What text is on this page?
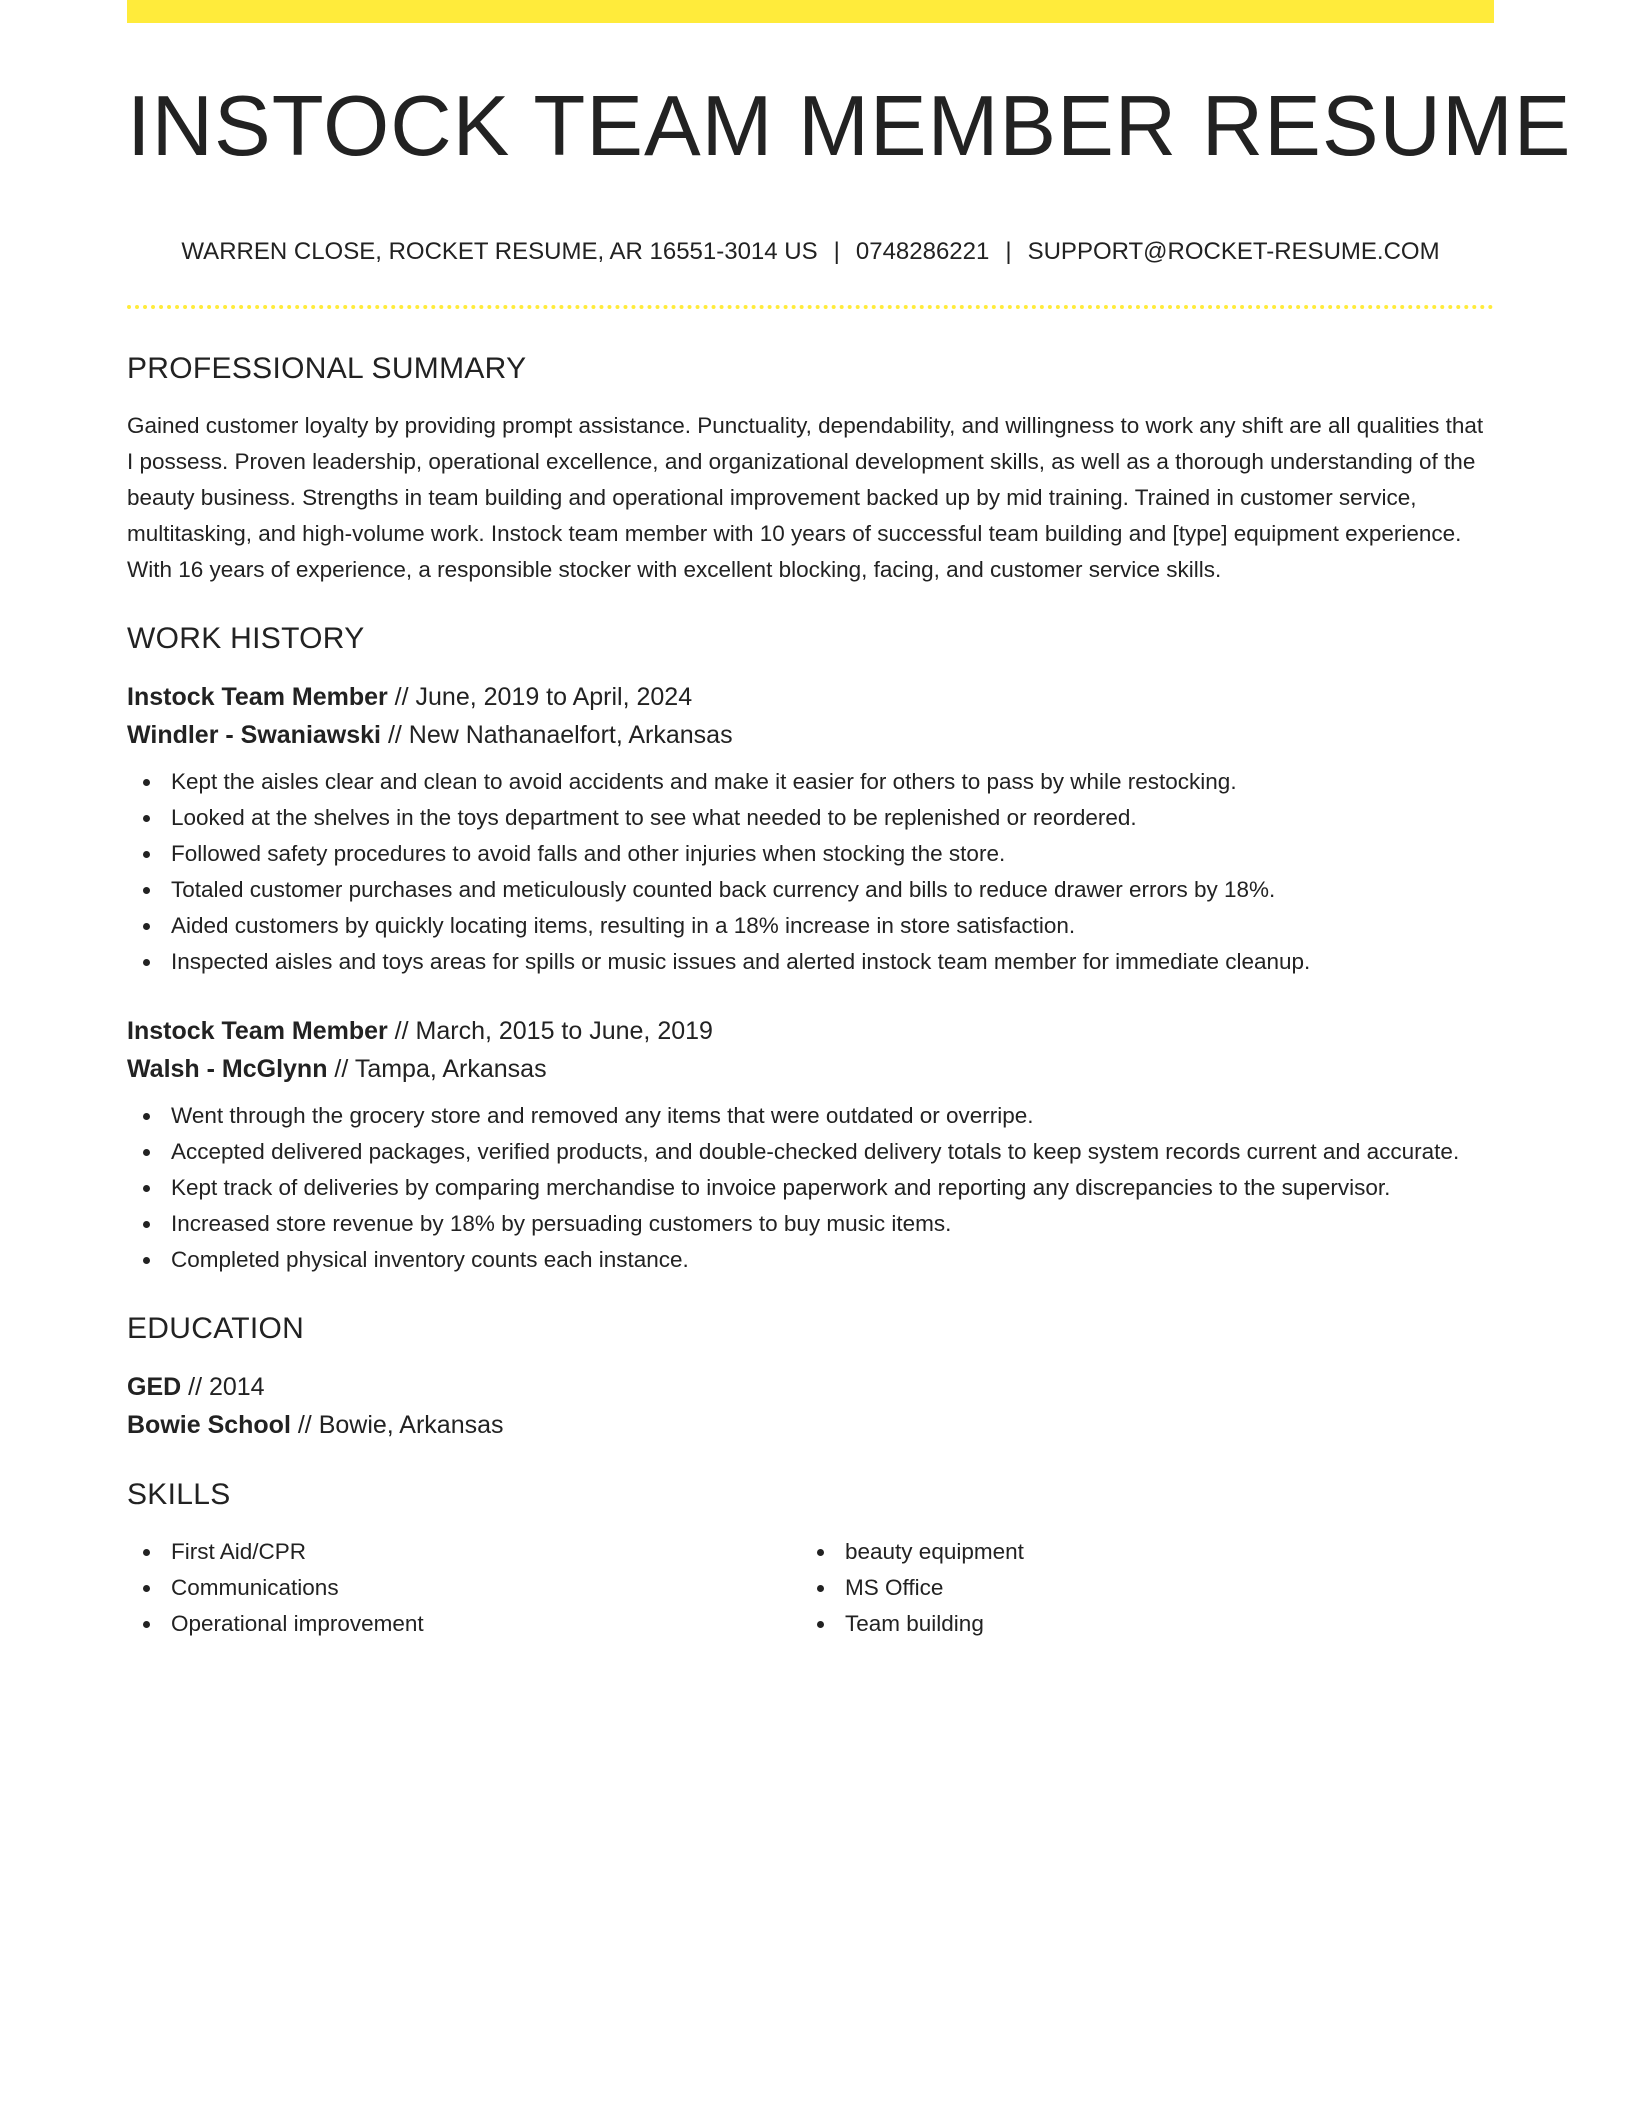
INSTOCK TEAM MEMBER RESUME
WARREN CLOSE, ROCKET RESUME, AR 16551-3014 US | 0748286221 | SUPPORT@ROCKET-RESUME.COM
PROFESSIONAL SUMMARY

Gained customer loyalty by providing prompt assistance. Punctuality, dependability, and willingness to work any shift are all qualities that I possess. Proven leadership, operational excellence, and organizational development skills, as well as a thorough understanding of the beauty business. Strengths in team building and operational improvement backed up by mid training. Trained in customer service, multitasking, and high-volume work. Instock team member with 10 years of successful team building and [type] equipment experience. With 16 years of experience, a responsible stocker with excellent blocking, facing, and customer service skills.

WORK HISTORY
Instock Team Member // June, 2019 to April, 2024
Windler - Swaniawski // New Nathanaelfort, Arkansas
Kept the aisles clear and clean to avoid accidents and make it easier for others to pass by while restocking.
Looked at the shelves in the toys department to see what needed to be replenished or reordered.
Followed safety procedures to avoid falls and other injuries when stocking the store.
Totaled customer purchases and meticulously counted back currency and bills to reduce drawer errors by 18%.
Aided customers by quickly locating items, resulting in a 18% increase in store satisfaction.
Inspected aisles and toys areas for spills or music issues and alerted instock team member for immediate cleanup.
Instock Team Member // March, 2015 to June, 2019
Walsh - McGlynn // Tampa, Arkansas
Went through the grocery store and removed any items that were outdated or overripe.
Accepted delivered packages, verified products, and double-checked delivery totals to keep system records current and accurate.
Kept track of deliveries by comparing merchandise to invoice paperwork and reporting any discrepancies to the supervisor.
Increased store revenue by 18% by persuading customers to buy music items.
Completed physical inventory counts each instance.
EDUCATION
GED // 2014
Bowie School // Bowie, Arkansas
SKILLS
First Aid/CPR
Communications
Operational improvement
beauty equipment
MS Office
Team building
